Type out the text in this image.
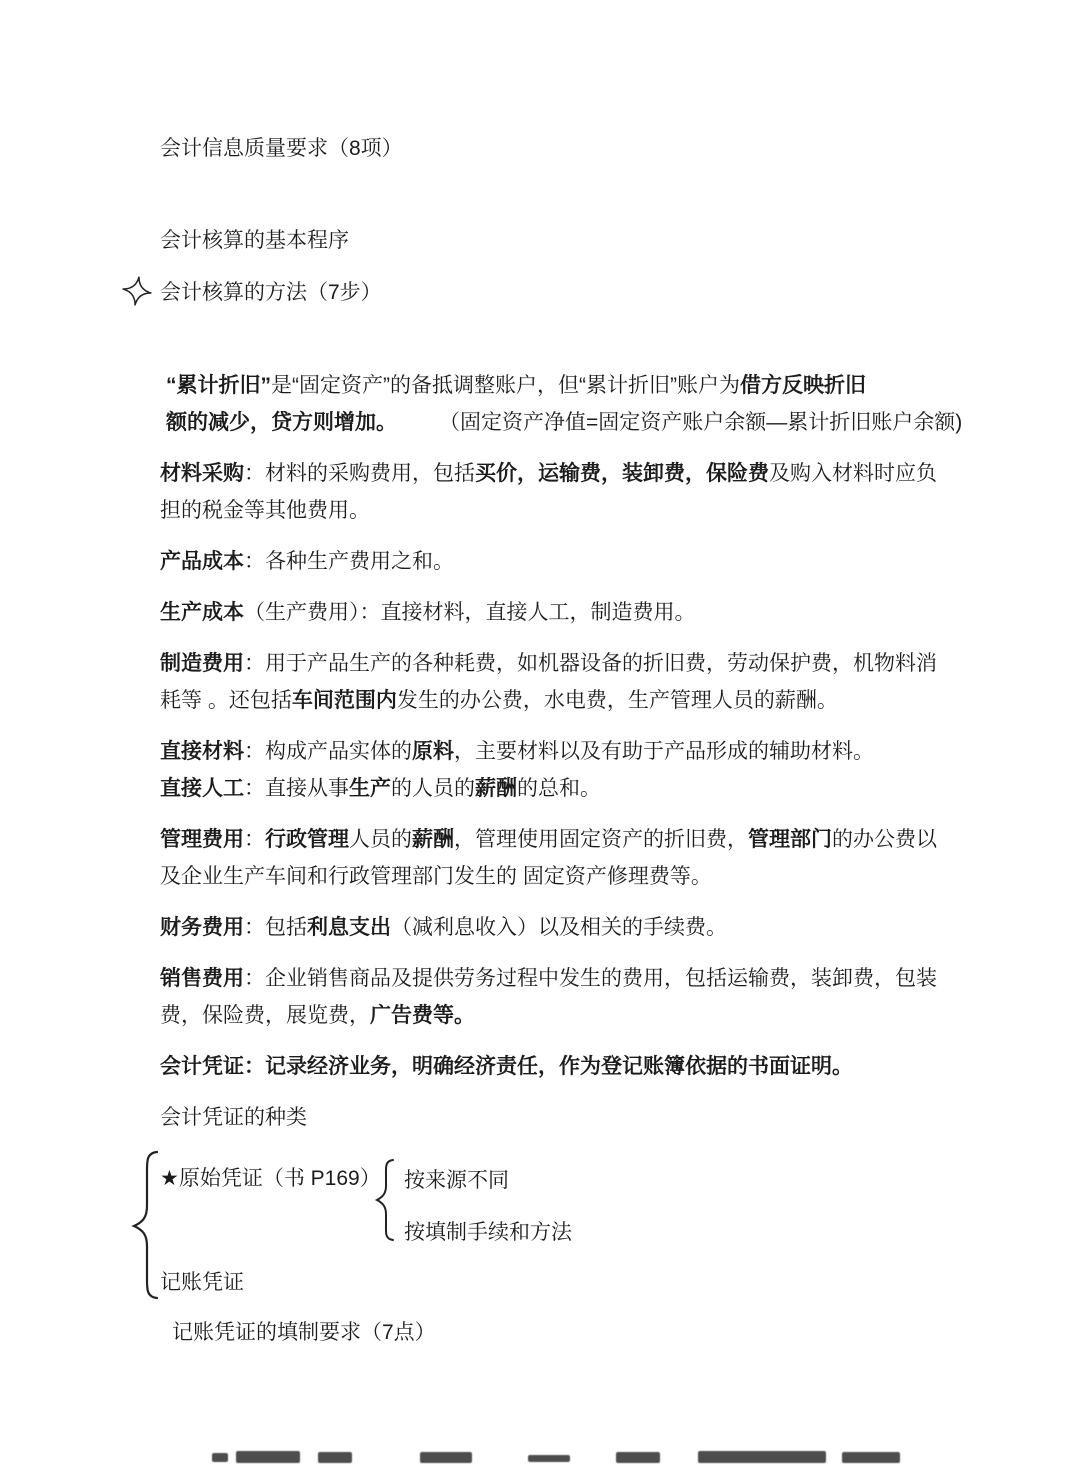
会计信息质量要求（8项）
会计核算的基本程序
会计核算的方法（7步）

“累计折旧”是“固定资产”的备抵调整账户，但“累计折旧”账户为借方反映折旧
额的减少，贷方则增加。　　　（固定资产净值=固定资产账户余额—累计折旧账户余额)

材料采购：材料的采购费用，包括买价，运输费，装卸费，保险费及购入材料时应负
担的税金等其他费用。

产品成本：各种生产费用之和。

生产成本（生产费用）：直接材料，直接人工，制造费用。

制造费用：用于产品生产的各种耗费，如机器设备的折旧费，劳动保护费，机物料消
耗等 。还包括车间范围内发生的办公费，水电费，生产管理人员的薪酬。

直接材料：构成产品实体的原料，主要材料以及有助于产品形成的辅助材料。
直接人工：直接从事生产的人员的薪酬的总和。

管理费用：行政管理人员的薪酬，管理使用固定资产的折旧费，管理部门的办公费以
及企业生产车间和行政管理部门发生的 固定资产修理费等。

财务费用：包括利息支出（减利息收入）以及相关的手续费。

销售费用：企业销售商品及提供劳务过程中发生的费用，包括运输费，装卸费，包装
费，保险费，展览费，广告费等。

会计凭证：记录经济业务，明确经济责任，作为登记账簿依据的书面证明。

会计凭证的种类

★原始凭证（书 P169） 按来源不同
按填制手续和方法
记账凭证
记账凭证的填制要求（7点）
